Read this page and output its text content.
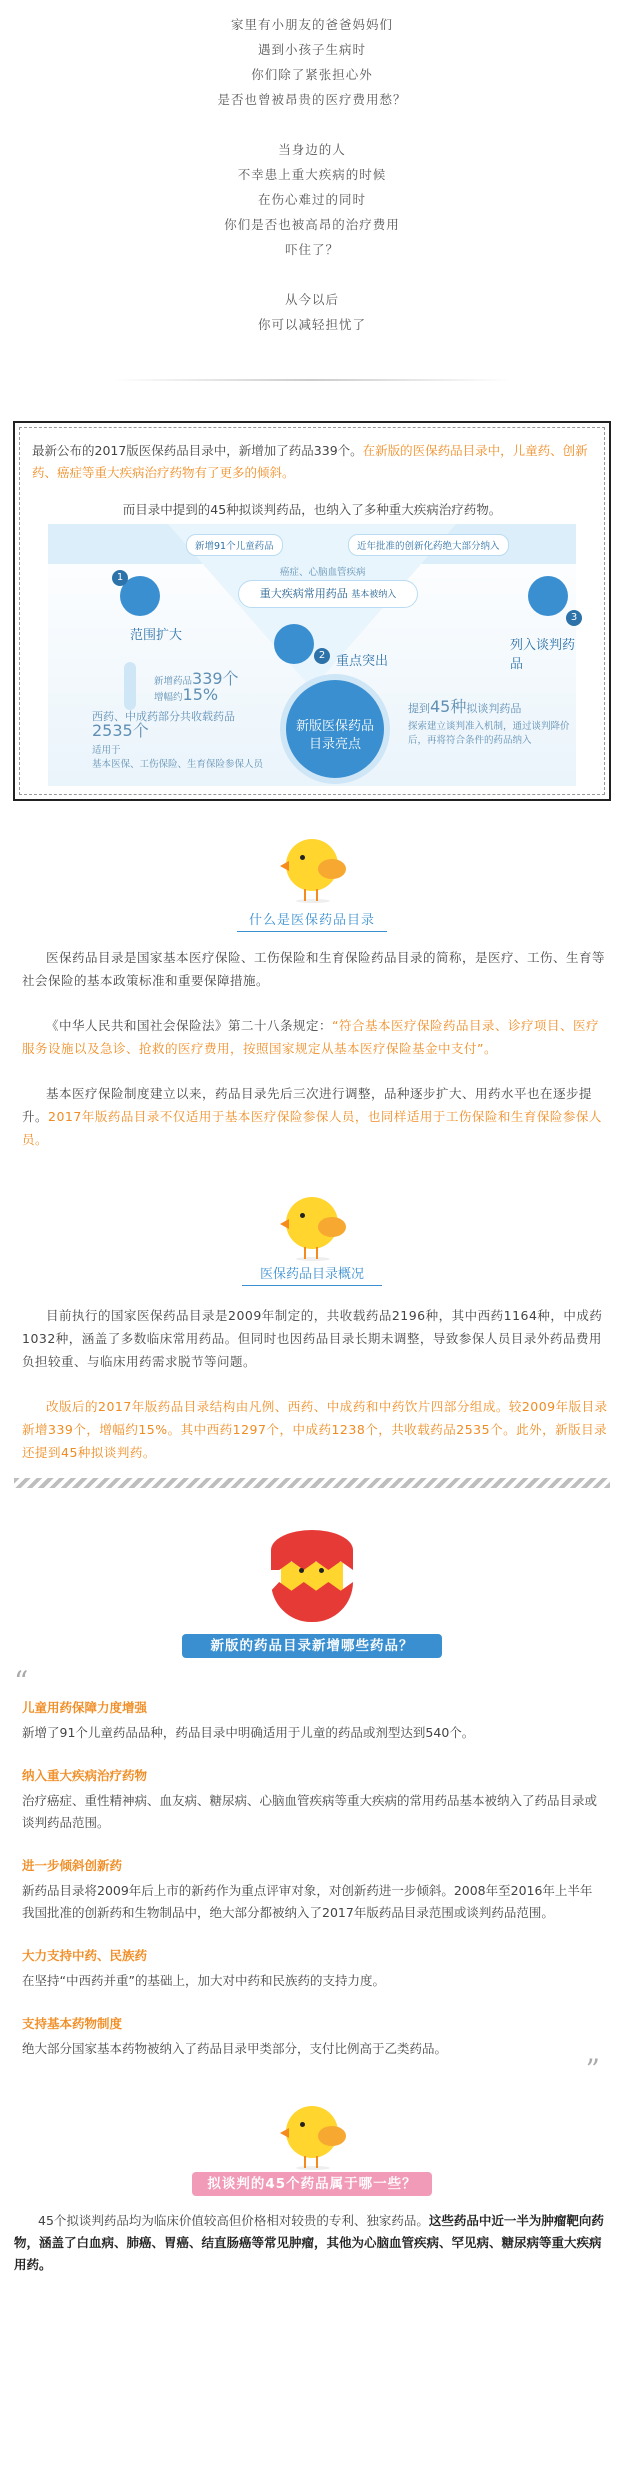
家里有小朋友的爸爸妈妈们

遇到小孩子生病时

你们除了紧张担心外

是否也曾被昂贵的医疗费用愁？

当身边的人

不幸患上重大疾病的时候

在伤心难过的同时

你们是否也被高昂的治疗费用

吓住了？

从今以后

你可以减轻担忧了

最新公布的2017版医保药品目录中，新增加了药品339个。在新版的医保药品目录中，儿童药、创新药、癌症等重大疾病治疗药物有了更多的倾斜。

而目录中提到的45种拟谈判药品，也纳入了多种重大疾病治疗药物。

新增91个儿童药品	近年批准的创新化药绝大部分纳入
癌症、心脑血管疾病
重大疾病常用药品 基本被纳入
1
范围扩大
2 重点突出
3
列入谈判药品
新增药品339个
增幅约15%
西药、中成药部分共收载药品
2535个
适用于
基本医保、工伤保险、生育保险参保人员
提到45种拟谈判药品
探索建立谈判准入机制，通过谈判降价后，再将符合条件的药品纳入
新版医保药品
目录亮点
什么是医保药品目录

医保药品目录是国家基本医疗保险、工伤保险和生育保险药品目录的简称，是医疗、工伤、生育等社会保险的基本政策标准和重要保障措施。

《中华人民共和国社会保险法》第二十八条规定：“符合基本医疗保险药品目录、诊疗项目、医疗服务设施以及急诊、抢救的医疗费用，按照国家规定从基本医疗保险基金中支付”。

基本医疗保险制度建立以来，药品目录先后三次进行调整，品种逐步扩大、用药水平也在逐步提升。2017年版药品目录不仅适用于基本医疗保险参保人员，也同样适用于工伤保险和生育保险参保人员。

医保药品目录概况

目前执行的国家医保药品目录是2009年制定的，共收载药品2196种，其中西药1164种，中成药1032种，涵盖了多数临床常用药品。但同时也因药品目录长期未调整，导致参保人员目录外药品费用负担较重、与临床用药需求脱节等问题。

改版后的2017年版药品目录结构由凡例、西药、中成药和中药饮片四部分组成。较2009年版目录新增339个，增幅约15%。其中西药1297个，中成药1238个，共收载药品2535个。此外，新版目录还提到45种拟谈判药。

新版的药品目录新增哪些药品？
“
儿童用药保障力度增强

新增了91个儿童药品品种，药品目录中明确适用于儿童的药品或剂型达到540个。

纳入重大疾病治疗药物

治疗癌症、重性精神病、血友病、糖尿病、心脑血管疾病等重大疾病的常用药品基本被纳入了药品目录或谈判药品范围。

进一步倾斜创新药

新药品目录将2009年后上市的新药作为重点评审对象，对创新药进一步倾斜。2008年至2016年上半年我国批准的创新药和生物制品中，绝大部分都被纳入了2017年版药品目录范围或谈判药品范围。

大力支持中药、民族药

在坚持“中西药并重”的基础上，加大对中药和民族药的支持力度。

支持基本药物制度

绝大部分国家基本药物被纳入了药品目录甲类部分，支付比例高于乙类药品。

”
拟谈判的45个药品属于哪一些？

45个拟谈判药品均为临床价值较高但价格相对较贵的专利、独家药品。这些药品中近一半为肿瘤靶向药物，涵盖了白血病、肺癌、胃癌、结直肠癌等常见肿瘤，其他为心脑血管疾病、罕见病、糖尿病等重大疾病用药。
